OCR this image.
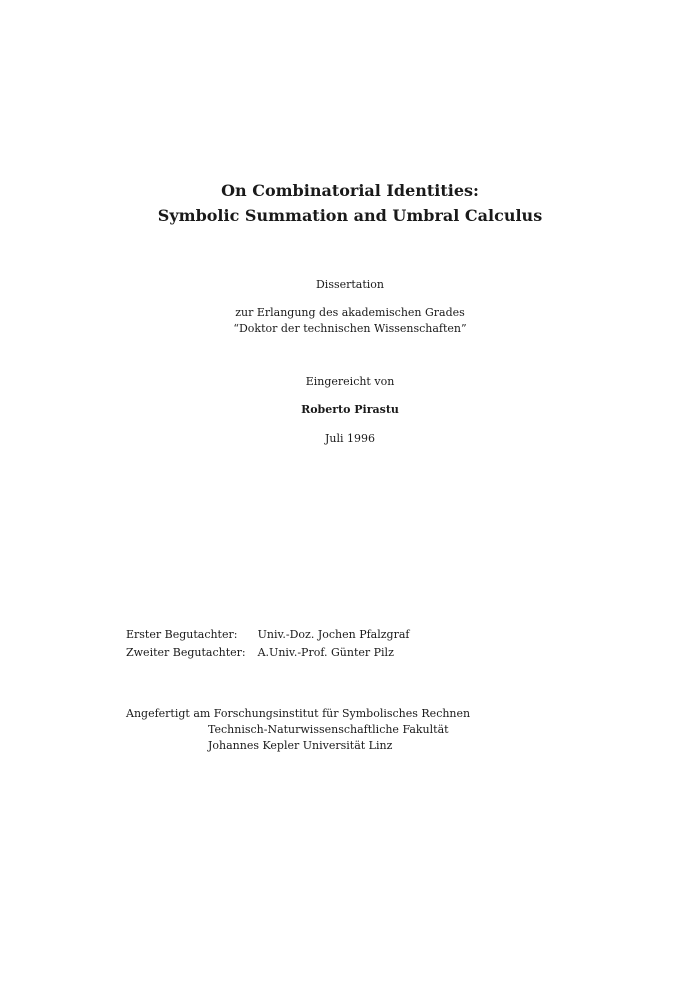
On Combinatorial Identities:
Symbolic Summation and Umbral Calculus
Dissertation
zur Erlangung des akademischen Grades
“Doktor der technischen Wissenschaften”
Eingereicht von
Roberto Pirastu
Juli 1996
Erster Begutachter:	Univ.-Doz. Jochen Pfalzgraf
Zweiter Begutachter:	A.Univ.-Prof. Günter Pilz
Angefertigt am Forschungsinstitut für Symbolisches Rechnen
Technisch-Naturwissenschaftliche Fakultät
Johannes Kepler Universität Linz
